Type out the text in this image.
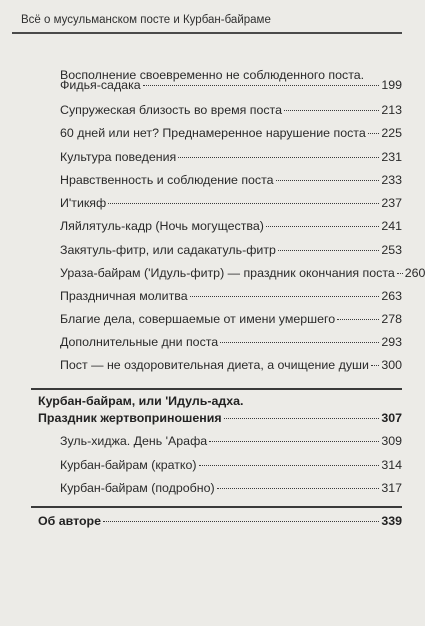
Всё о мусульманском посте и Курбан-байраме
Восполнение своевременно не соблюденного поста.
Фидья-садака	199
Супружеская близость во время поста	213
60 дней или нет? Преднамеренное нарушение поста 225
Культура поведения	231
Нравственность и соблюдение поста	233
И'тикяф	237
Ляйлятуль-кадр (Ночь могущества)	241
Закятуль-фитр, или садакатуль-фитр	253
Ураза-байрам ('Идуль-фитр) — праздник окончания поста 260
Праздничная молитва	263
Благие дела, совершаемые от имени умершего	278
Дополнительные дни поста	293
Пост — не оздоровительная диета, а очищение души 300
Курбан-байрам, или 'Идуль-адха.
Праздник жертвоприношения	307
Зуль-хиджа. День 'Арафа	309
Курбан-байрам (кратко)	314
Курбан-байрам (подробно)	317
Об авторе	339
